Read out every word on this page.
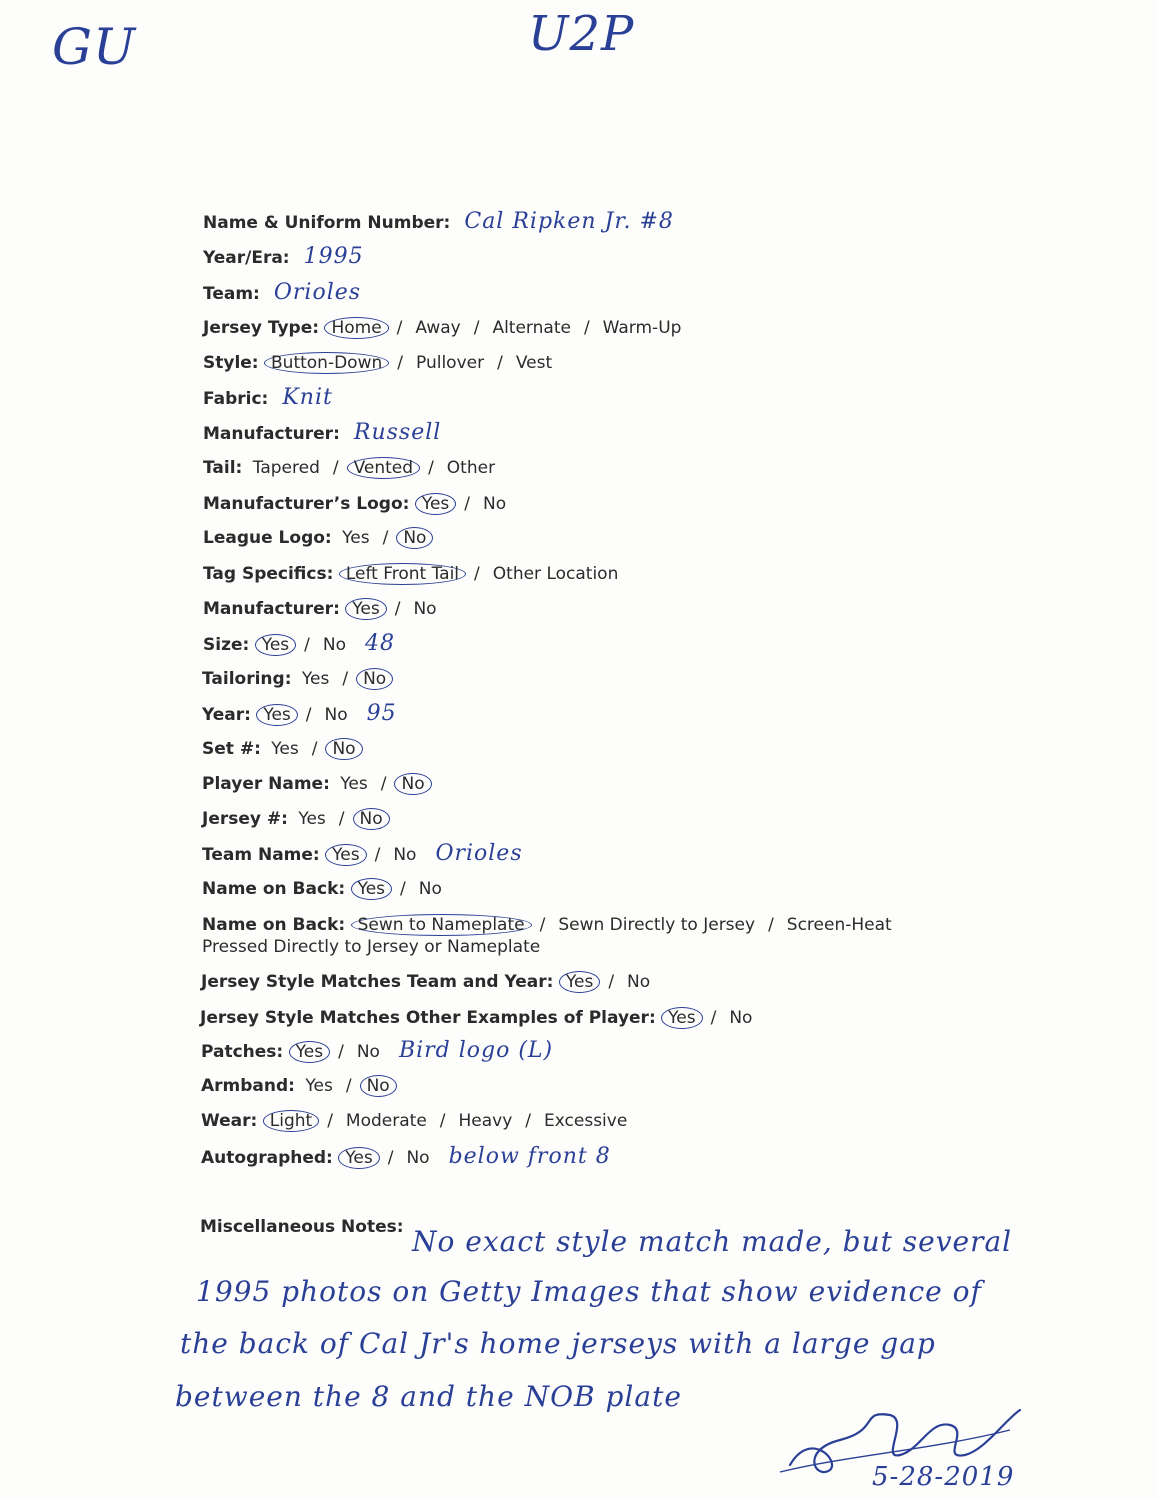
GU	U2P
Name & Uniform Number: Cal Ripken Jr. #8
Year/Era: 1995
Team: Orioles
Jersey Type: Home / Away / Alternate / Warm-Up
Style: Button-Down / Pullover / Vest
Fabric: Knit
Manufacturer: Russell
Tail: Tapered / Vented / Other
Manufacturer’s Logo: Yes / No
League Logo: Yes / No
Tag Specifics: Left Front Tail / Other Location
Manufacturer: Yes / No
Size: Yes / No 48
Tailoring: Yes / No
Year: Yes / No 95
Set #: Yes / No
Player Name: Yes / No
Jersey #: Yes / No
Team Name: Yes / No Orioles
Name on Back: Yes / No
Name on Back: Sewn to Nameplate / Sewn Directly to Jersey / Screen-Heat
Jersey Style Matches Team and Year: Yes / No
Jersey Style Matches Other Examples of Player: Yes / No
Patches: Yes / No Bird logo (L)
Armband: Yes / No
Wear: Light / Moderate / Heavy / Excessive
Autographed: Yes / No below front 8
Pressed Directly to Jersey or Nameplate
Miscellaneous Notes: No exact style match made, but several
1995 photos on Getty Images that show evidence of
the back of Cal Jr's home jerseys with a large gap
between the 8 and the NOB plate
5-28-2019
